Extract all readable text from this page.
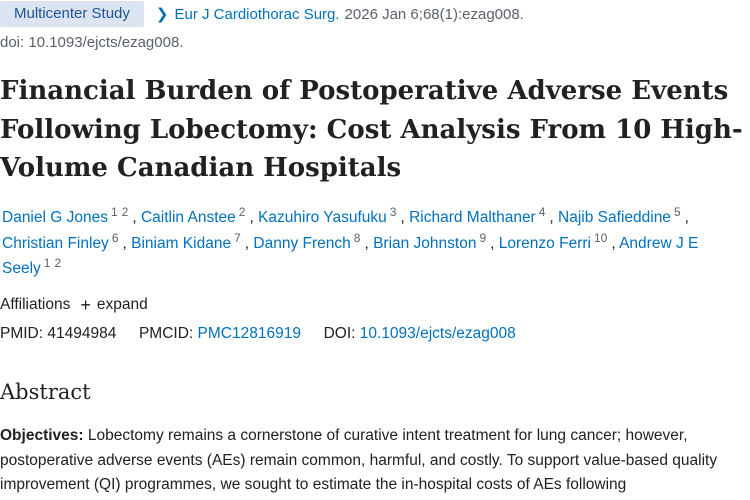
Multicenter Study	❯ Eur J Cardiothorac Surg. 2026 Jan 6;68(1):ezag008.
doi: 10.1093/ejcts/ezag008.
Financial Burden of Postoperative Adverse Events Following Lobectomy: Cost Analysis From 10 High-Volume Canadian Hospitals
Daniel G Jones $^{1 2}$ , Caitlin Anstee $^2$ , Kazuhiro Yasufuku $^3$ , Richard Malthaner $^4$ , Najib Safieddine $^5$ , Christian Finley $^6$ , Biniam Kidane $^7$ , Danny French $^8$ , Brian Johnston $^9$ , Lorenzo Ferri $^{10}$ , Andrew J E Seely $^{1 2}$
Affiliations + expand
PMID: 41494984 PMCID: PMC12816919 DOI: 10.1093/ejcts/ezag008
Abstract
Objectives: Lobectomy remains a cornerstone of curative intent treatment for lung cancer; however, postoperative adverse events (AEs) remain common, harmful, and costly. To support value-based quality improvement (QI) programmes, we sought to estimate the in-hospital costs of AEs following
